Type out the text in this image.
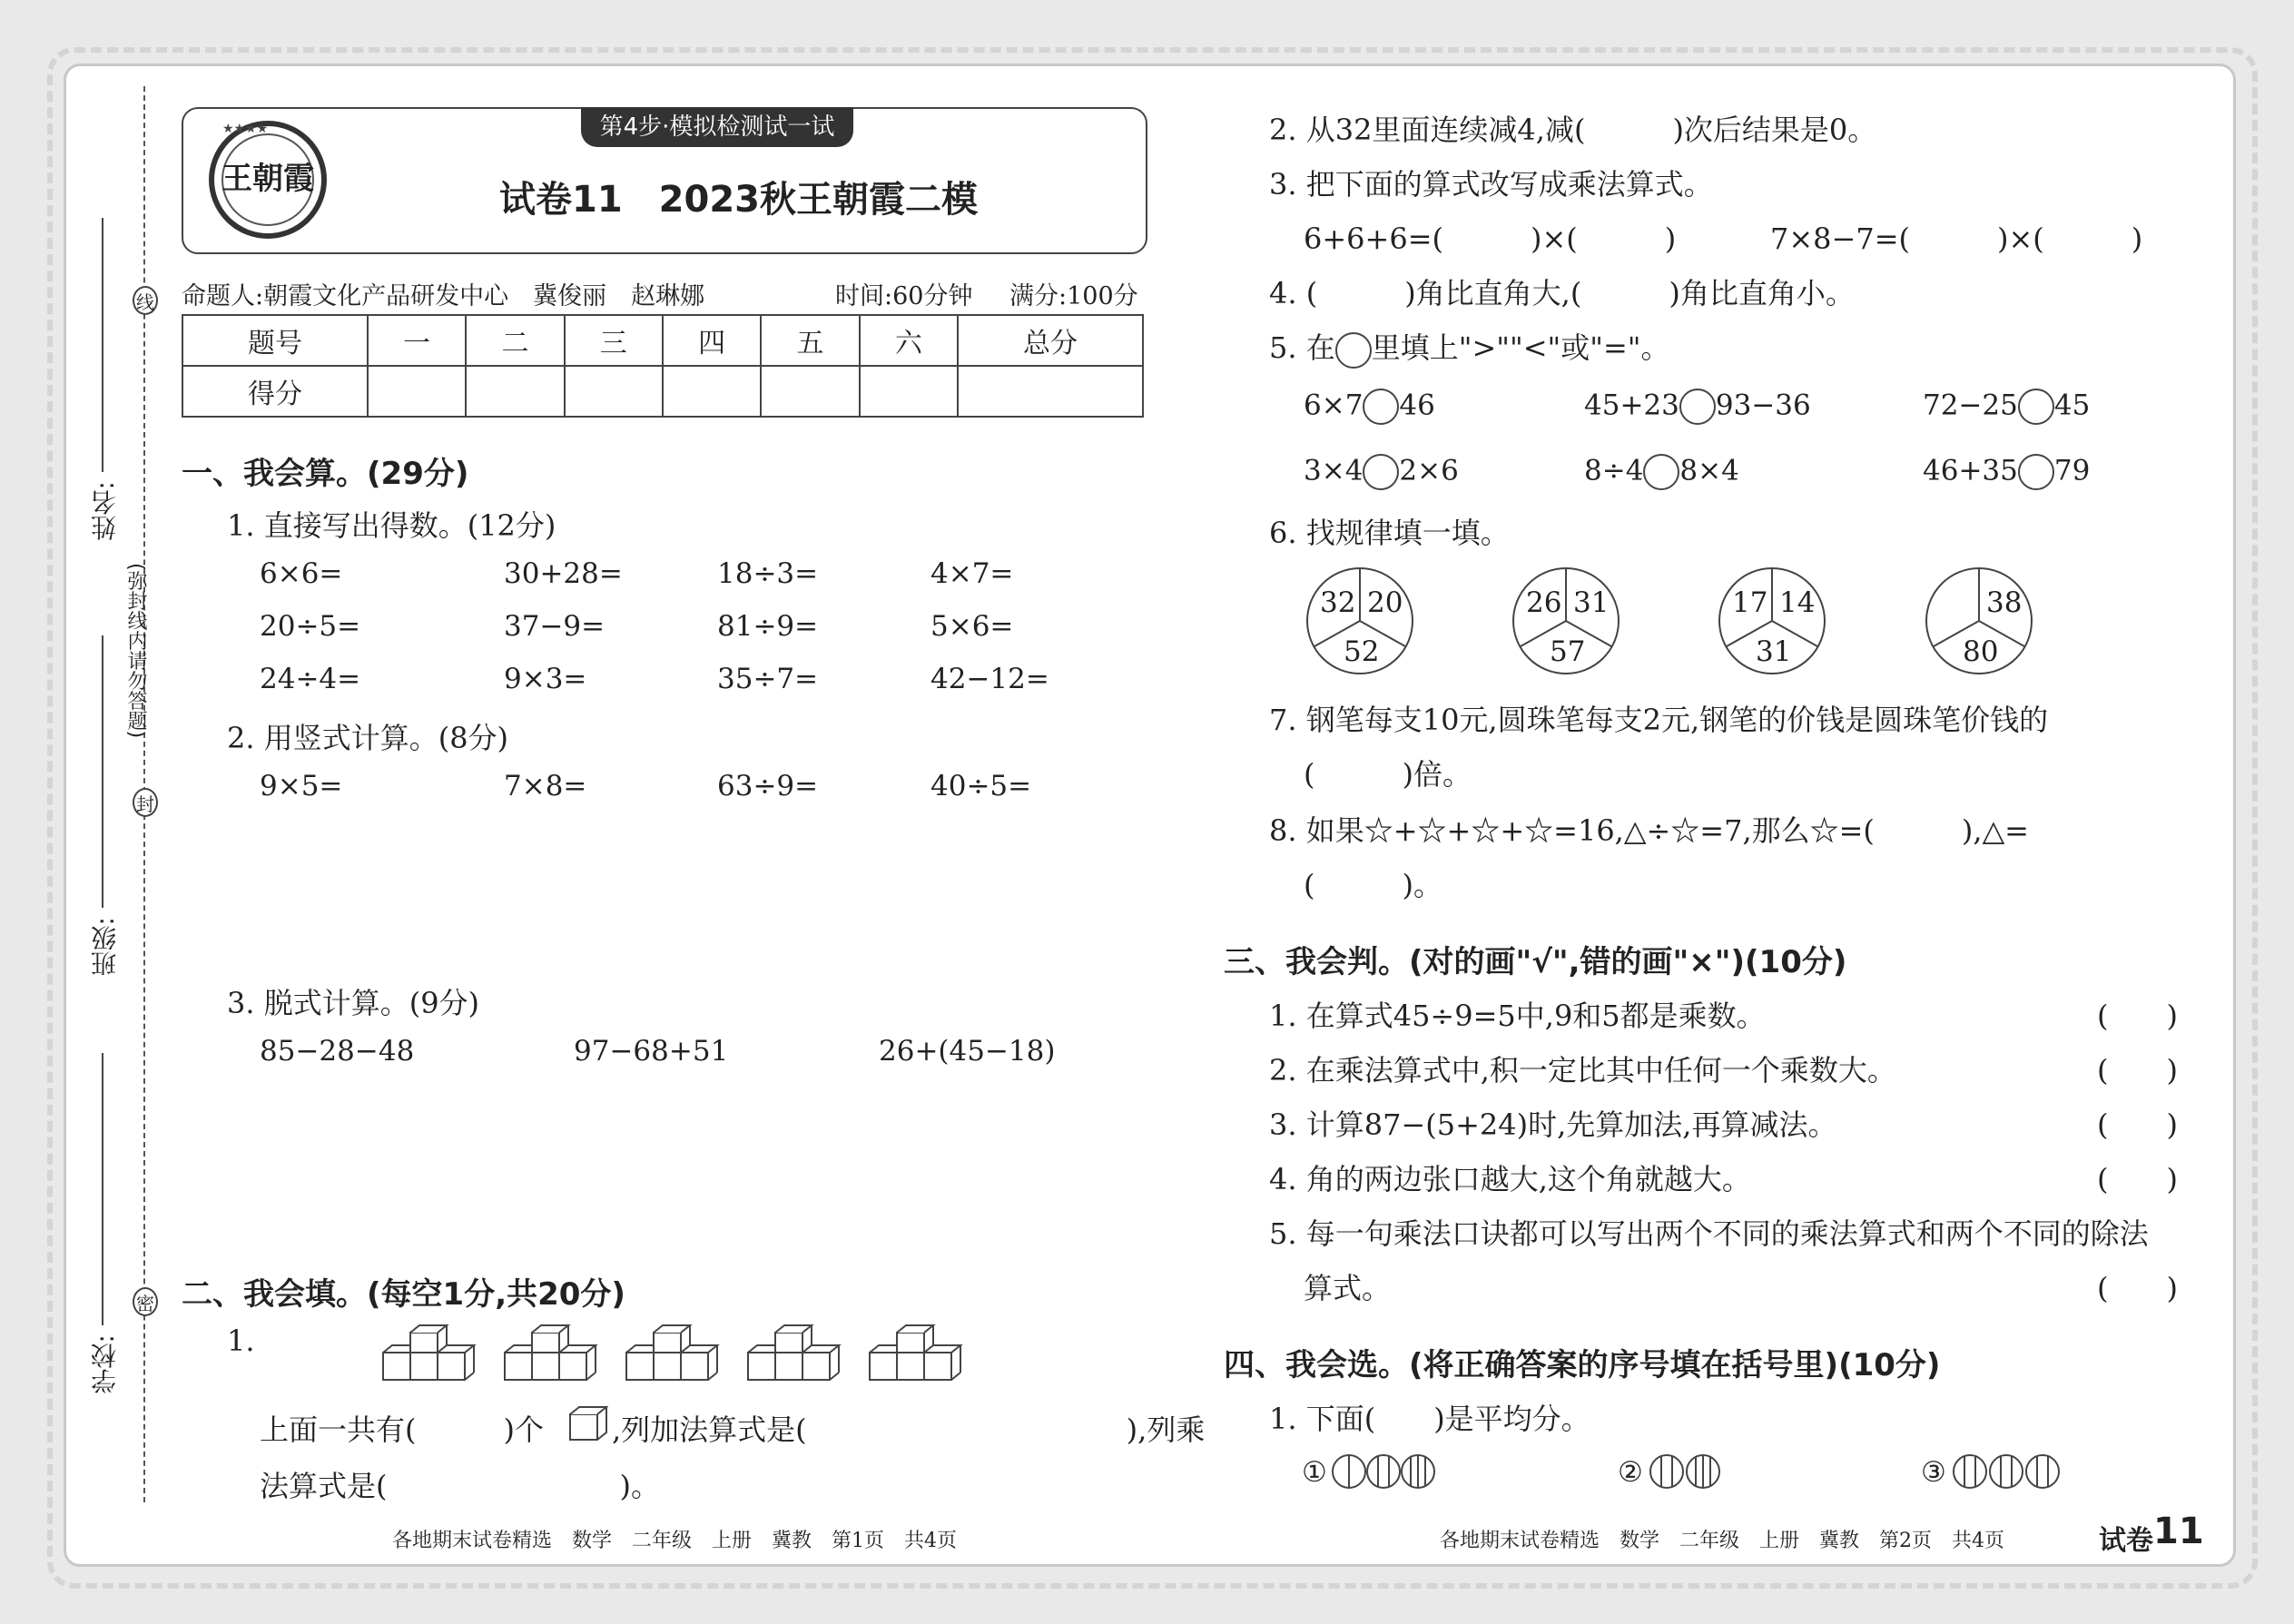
线
封
密
(弥封线内请勿答题)
姓名:
班级:
学校:
第4步·模拟检测试一试
王朝霞
★★★★
试卷11　2023秋王朝霞二模
命题人:朝霞文化产品研发中心　冀俊丽　赵琳娜	时间:60分钟 满分:100分
题号	一	二	三	四	五	六	总分
得分							
一、我会算。(29分)
1. 直接写出得数。(12分)
6×6=	30+28=	18÷3=	4×7=
20÷5=	37−9=	81÷9=	5×6=
24÷4=	9×3=	35÷7=	42−12=
2. 用竖式计算。(8分)
9×5=	7×8=	63÷9=	40÷5=
3. 脱式计算。(9分)
85−28−48	97−68+51	26+(45−18)
二、我会填。(每空1分,共20分)
1.
上面一共有(　　　)个 ,列加法算式是(　　　　　　　　　　　),列乘
法算式是(　　　　　　　　)。
各地期末试卷精选　数学　二年级　上册　冀教　第1页　共4页
2. 从32里面连续减4,减(　　　)次后结果是0。
3. 把下面的算式改写成乘法算式。
6+6+6=(　　　)×(　　　)	7×8−7=(　　　)×(　　　)
4. (　　　)角比直角大,(　　　)角比直角小。
5. 在 里填上">""<"或"="。
6×7 46	45+23 93−36	72−25 45
3×4 2×6	8÷4 8×4	46+35 79
6. 找规律填一填。
32 20
52
26 31
57
17 14
31
38
80
7. 钢笔每支10元,圆珠笔每支2元,钢笔的价钱是圆珠笔价钱的
(　　　)倍。
8. 如果☆+☆+☆+☆=16,△÷☆=7,那么☆=(　　　),△=
(　　　)。
三、我会判。(对的画"√",错的画"×")(10分)
1. 在算式45÷9=5中,9和5都是乘数。	(　　)
2. 在乘法算式中,积一定比其中任何一个乘数大。	(　　)
3. 计算87−(5+24)时,先算加法,再算减法。	(　　)
4. 角的两边张口越大,这个角就越大。	(　　)
5. 每一句乘法口诀都可以写出两个不同的乘法算式和两个不同的除法
算式。	(　　)
四、我会选。(将正确答案的序号填在括号里)(10分)
1. 下面(　　)是平均分。
①	②	③
各地期末试卷精选　数学　二年级　上册　冀教　第2页　共4页	试卷 11
